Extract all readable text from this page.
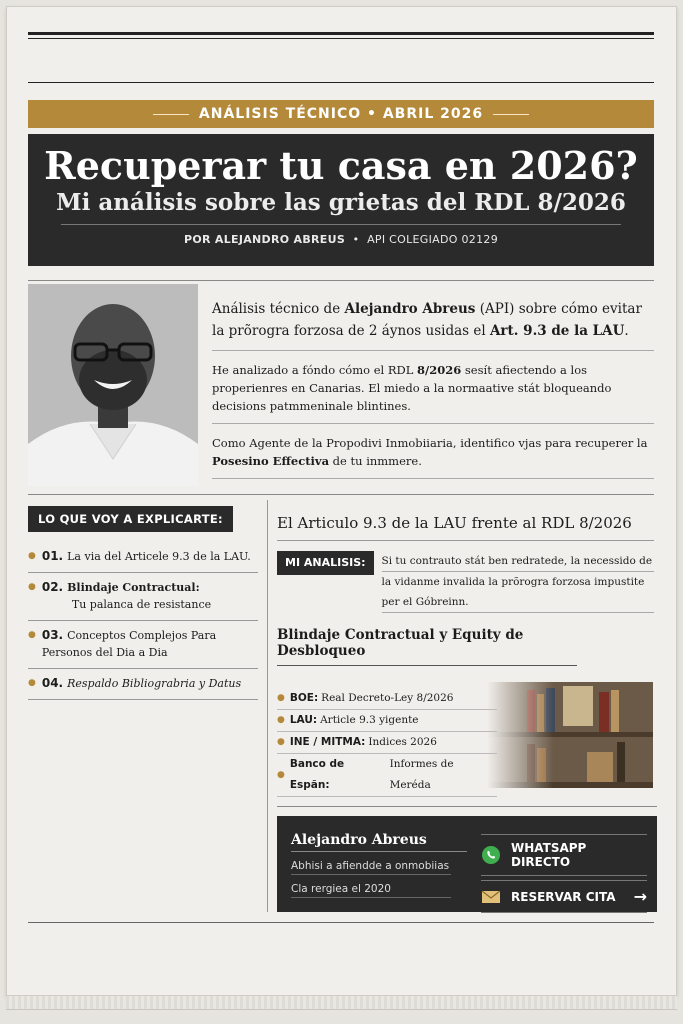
ANÁLISIS TÉCNICO • ABRIL 2026
Recuperar tu casa en 2026?
Mi análisis sobre las grietas del RDL 8/2026
POR ALEJANDRO ABREUS • API COLEGIADO 02129

Análisis técnico de Alejandro Abreus (API) sobre cómo evitar la prõrogra forzosa de 2 áynos usidas el Art. 9.3 de la LAU.

He analizado a fóndo cómo el RDL 8/2026 sesít afiectendo a los properienres en Canarias. El miedo a la normaative stát bloqueando decisions patmmeninale blintines.

Como Agente de la Propodivi Inmobiiaria, identifico vjas para recuperer la Posesino Effectiva de tu inmmere.

LO QUE VOY A EXPLICARTE:
● 01. La via del Articele 9.3 de la LAU.
● 02. Blindaje Contractual:
Tu palanca de resistance
● 03. Conceptos Complejos Para Personos del Dia a Dia
● 04. Respaldo Bibliograbria y Datus
El Articulo 9.3 de la LAU frente al RDL 8/2026
MI ANALISIS:	Si tu contrauto stát ben redratede, la necessido de
la vidanme invalida la prõrogra forzosa impustite per el Góbreinn.
Blindaje Contractual y Equity de Desbloqueo
● BOE: Real Decreto-Ley 8/2026
● LAU: Article 9.3 yigente
● INE / MITMA: Indices 2026
●
Banco de Espãn:
Informes de Meréda
Alejandro Abreus
Abhisi a afiendde a onmobiias
Cla rergiea el 2020
WHATSAPP DIRECTO
RESERVAR CITA →
